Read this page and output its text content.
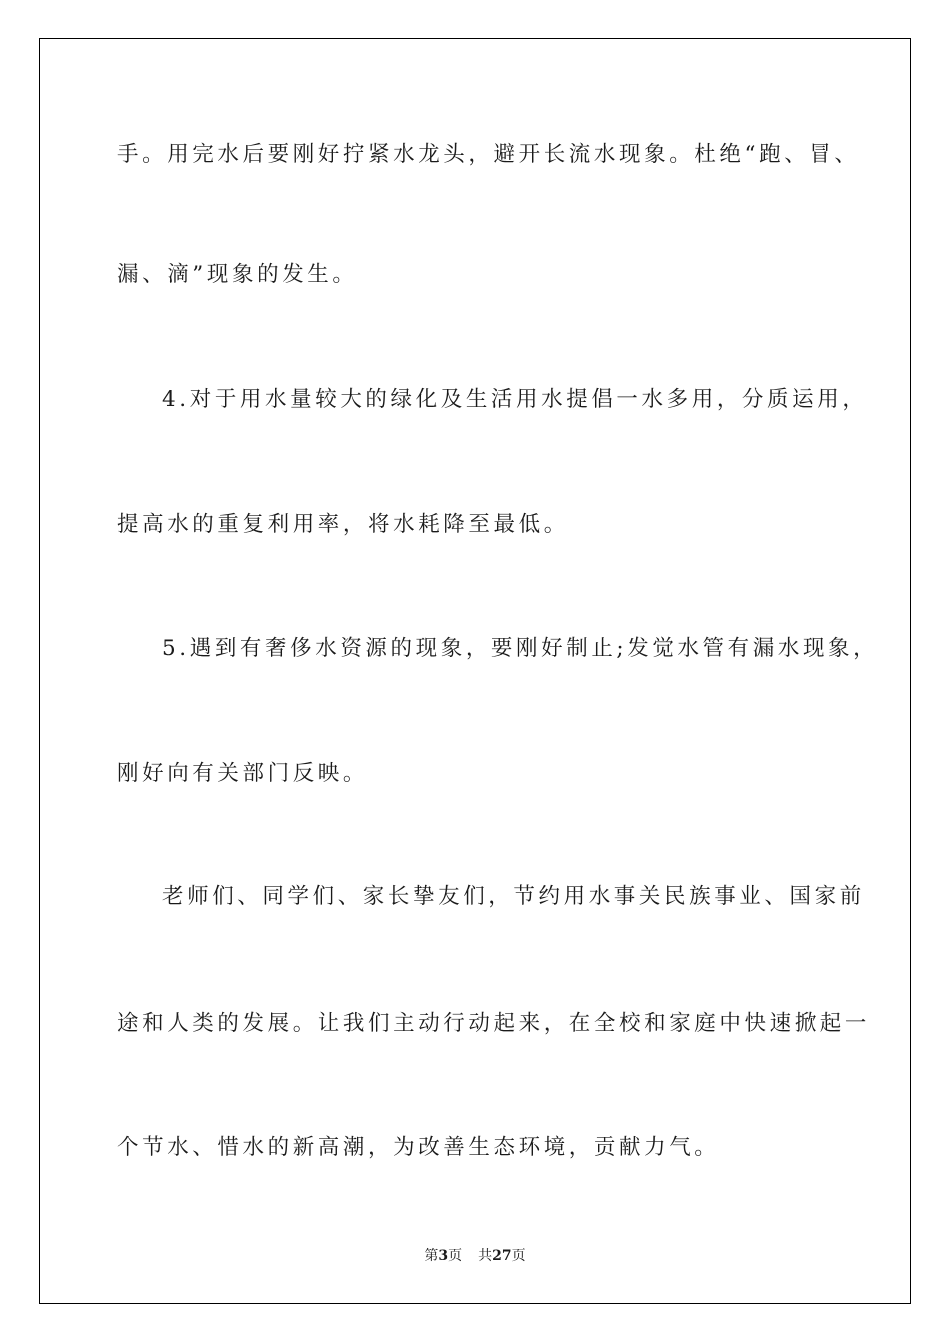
手。用完水后要刚好拧紧水龙头，避开长流水现象。杜绝“跑、冒、
漏、滴”现象的发生。
4.对于用水量较大的绿化及生活用水提倡一水多用，分质运用，
提高水的重复利用率，将水耗降至最低。
5.遇到有奢侈水资源的现象，要刚好制止;发觉水管有漏水现象，
刚好向有关部门反映。
老师们、同学们、家长挚友们，节约用水事关民族事业、国家前
途和人类的发展。让我们主动行动起来，在全校和家庭中快速掀起一
个节水、惜水的新高潮，为改善生态环境，贡献力气。
第3页 共27页
